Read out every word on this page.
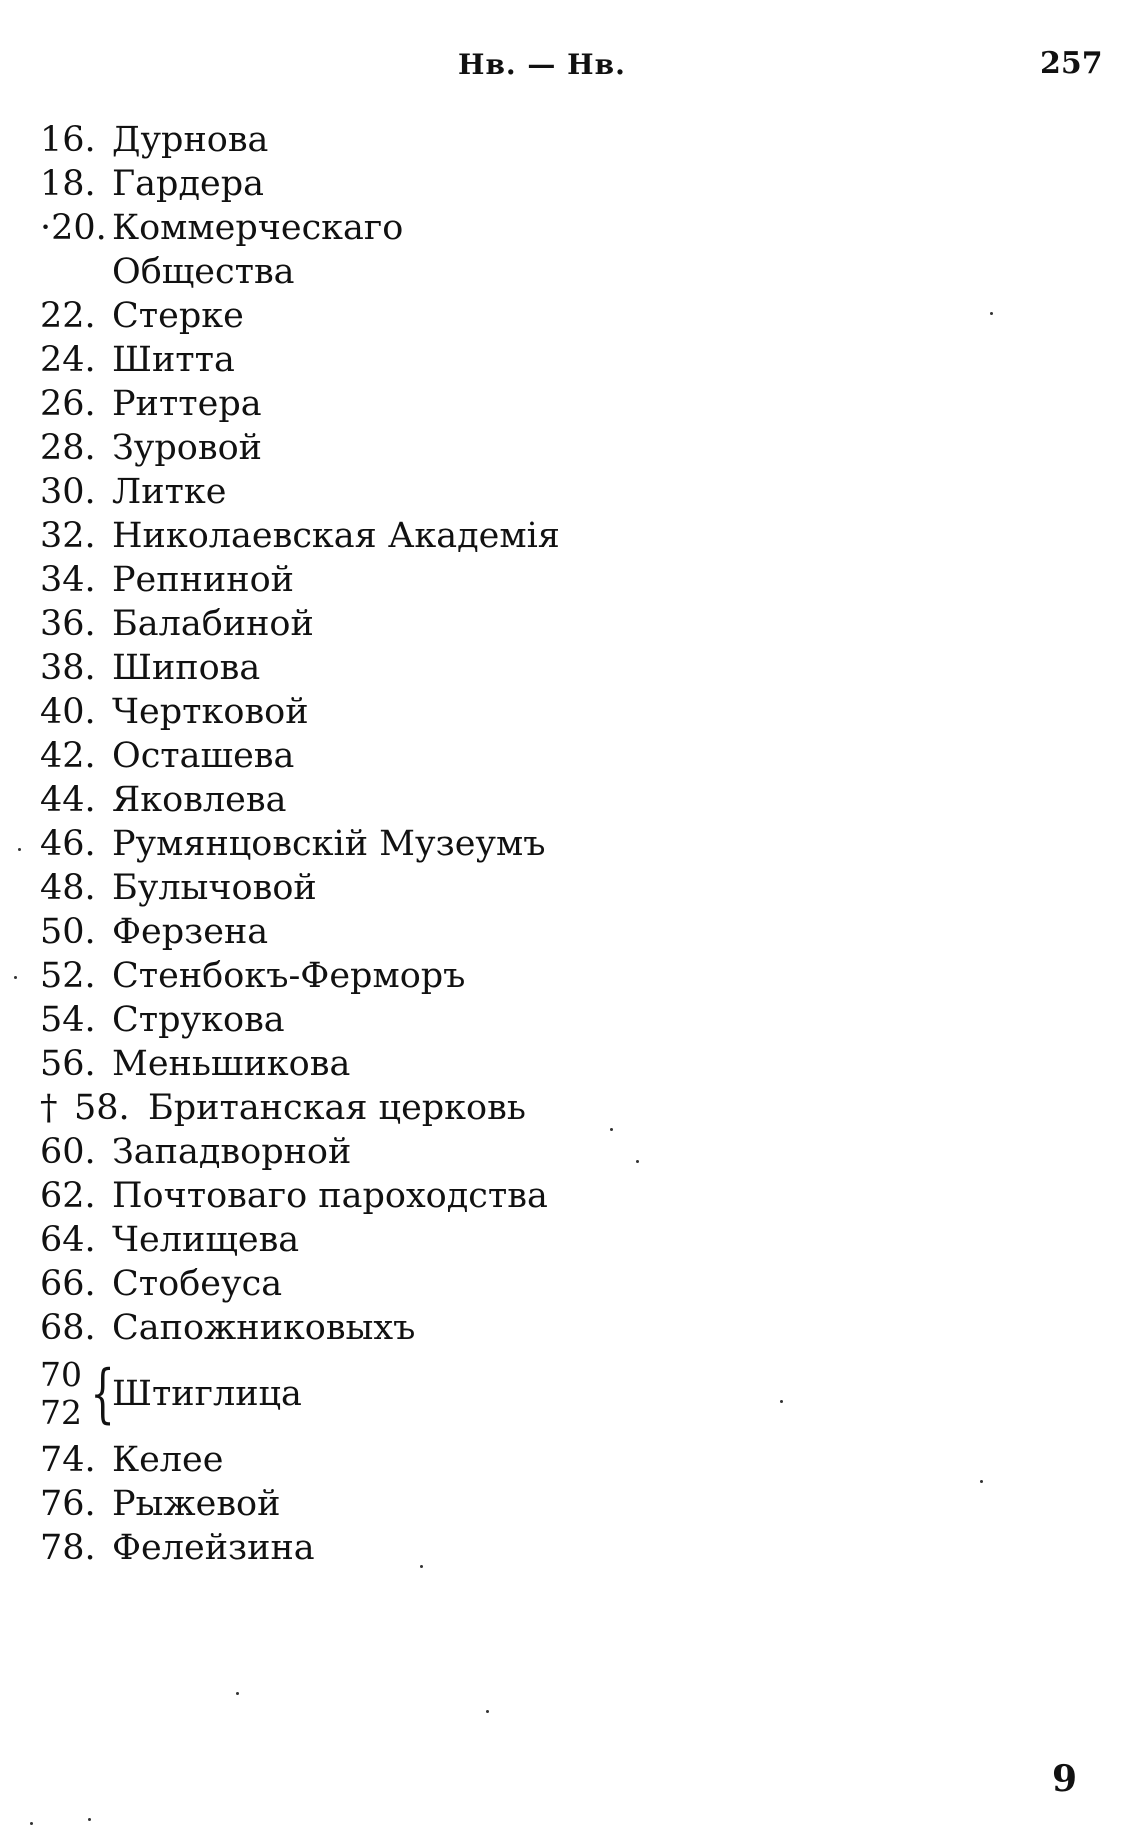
Нв. — Нв.	257
16. Дурнова
18. Гардера
·20. Коммерческаго Общества
22. Стерке
24. Шитта
26. Риттера
28. Зуровой
30. Литке
32. Николаевская Академія
34. Репниной
36. Балабиной
38. Шипова
40. Чертковой
42. Осташева
44. Яковлева
46. Румянцовскій Музеумъ
48. Булычовой
50. Ферзена
52. Стенбокъ-Ферморъ
54. Струкова
56. Меньшикова
† 58. Британская церковь
60. Западворной
62. Почтоваго пароходства
64. Челищева
66. Стобеуса
68. Сапожниковыхъ
70
72 {
Штиглица
74. Келее
76. Рыжевой
78. Фелейзина
9
